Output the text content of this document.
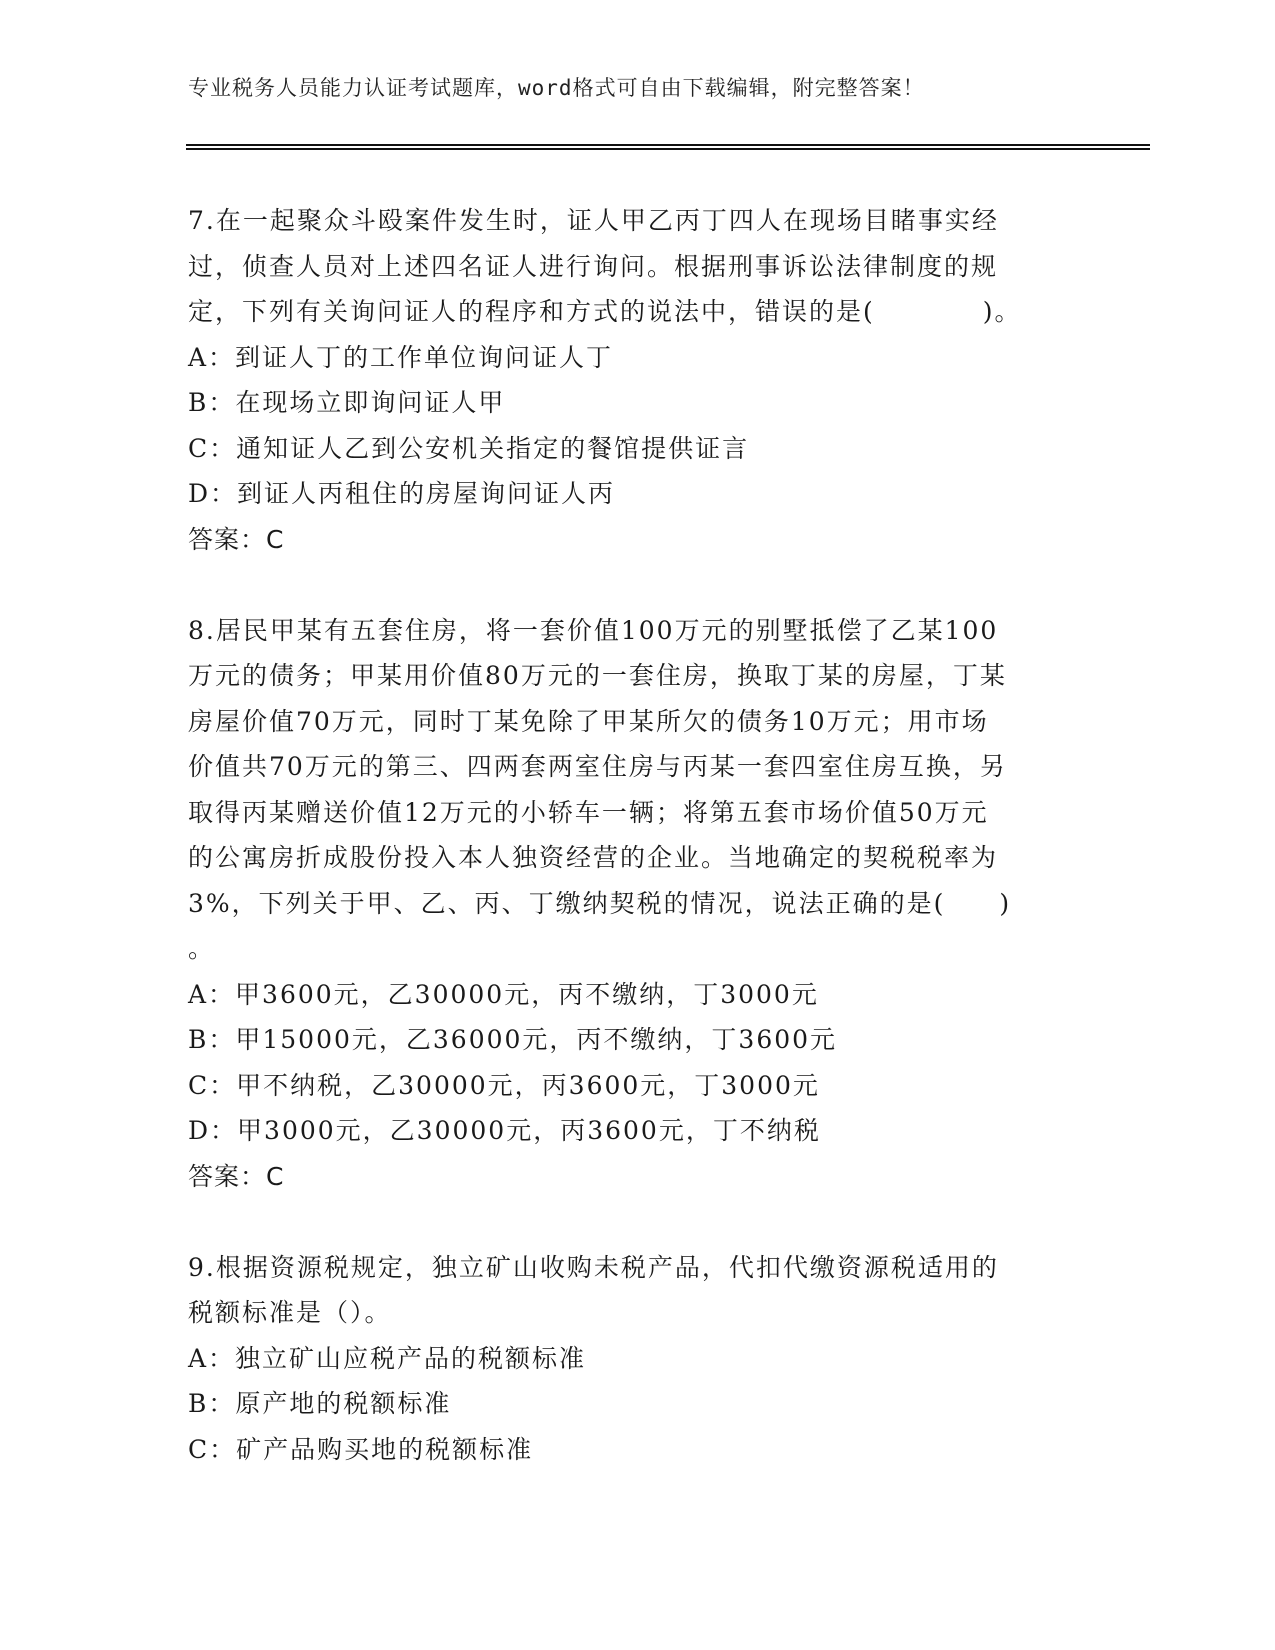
专业税务人员能力认证考试题库，word格式可自由下载编辑，附完整答案！
7.在一起聚众斗殴案件发生时，证人甲乙丙丁四人在现场目睹事实经
过，侦查人员对上述四名证人进行询问。根据刑事诉讼法律制度的规
定，下列有关询问证人的程序和方式的说法中，错误的是(　　　　)。
A：到证人丁的工作单位询问证人丁
B：在现场立即询问证人甲
C：通知证人乙到公安机关指定的餐馆提供证言
D：到证人丙租住的房屋询问证人丙
答案：C
8.居民甲某有五套住房，将一套价值100万元的别墅抵偿了乙某100
万元的债务；甲某用价值80万元的一套住房，换取丁某的房屋，丁某
房屋价值70万元，同时丁某免除了甲某所欠的债务10万元；用市场
价值共70万元的第三、四两套两室住房与丙某一套四室住房互换，另
取得丙某赠送价值12万元的小轿车一辆；将第五套市场价值50万元
的公寓房折成股份投入本人独资经营的企业。当地确定的契税税率为
3%，下列关于甲、乙、丙、丁缴纳契税的情况，说法正确的是(　　)
。
A：甲3600元，乙30000元，丙不缴纳，丁3000元
B：甲15000元，乙36000元，丙不缴纳，丁3600元
C：甲不纳税，乙30000元，丙3600元，丁3000元
D：甲3000元，乙30000元，丙3600元，丁不纳税
答案：C
9.根据资源税规定，独立矿山收购未税产品，代扣代缴资源税适用的
税额标准是（）。
A：独立矿山应税产品的税额标准
B：原产地的税额标准
C：矿产品购买地的税额标准
